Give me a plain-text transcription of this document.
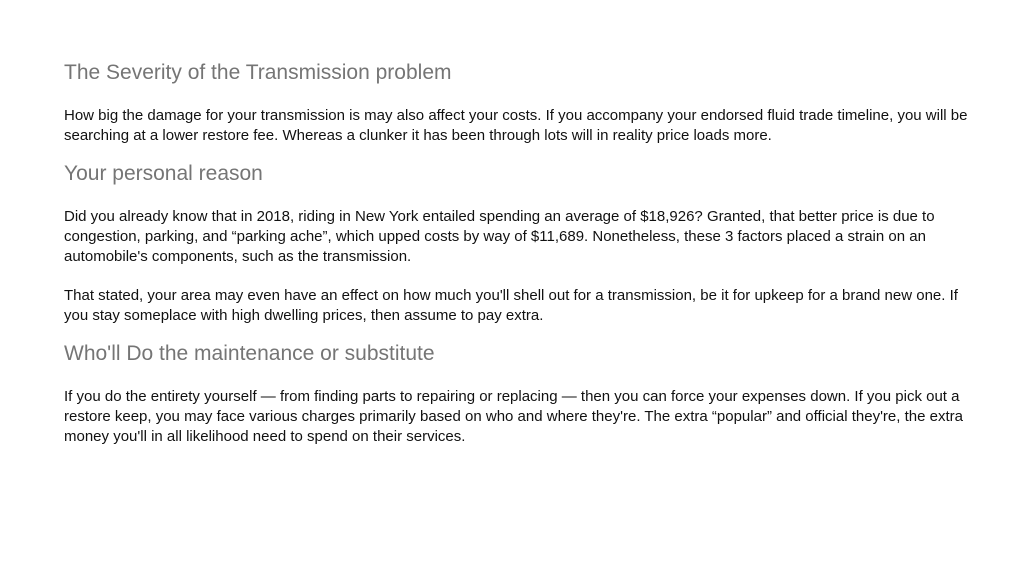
The Severity of the Transmission problem

How big the damage for your transmission is may also affect your costs. If you accompany your endorsed fluid trade timeline, you will be searching at a lower restore fee. Whereas a clunker it has been through lots will in reality price loads more.

Your personal reason

Did you already know that in 2018, riding in New York entailed spending an average of $18,926? Granted, that better price is due to congestion, parking, and “parking ache”, which upped costs by way of $11,689. Nonetheless, these 3 factors placed a strain on an automobile's components, such as the transmission.

That stated, your area may even have an effect on how much you'll shell out for a transmission, be it for upkeep for a brand new one. If you stay someplace with high dwelling prices, then assume to pay extra.

Who'll Do the maintenance or substitute

If you do the entirety yourself — from finding parts to repairing or replacing — then you can force your expenses down. If you pick out a restore keep, you may face various charges primarily based on who and where they're. The extra “popular” and official they're, the extra money you'll in all likelihood need to spend on their services.
